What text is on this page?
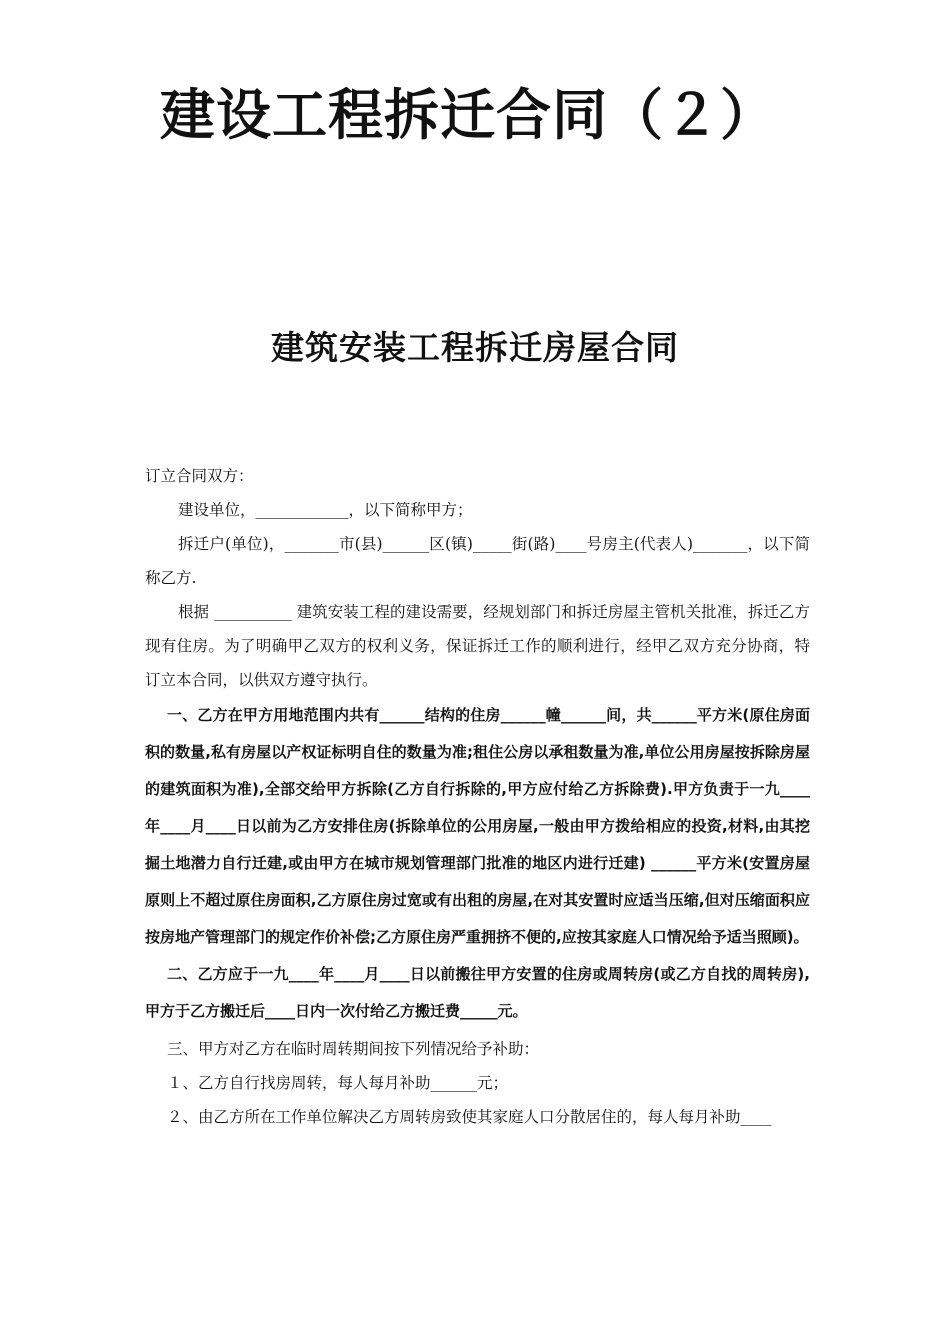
建设工程拆迁合同（２）
建筑安装工程拆迁房屋合同

订立合同双方：

建设单位，____________，以下简称甲方；

拆迁户(单位)，_______市(县)______区(镇)_____街(路)____号房主(代表人)_______，以下简称乙方.

根据 __________ 建筑安装工程的建设需要，经规划部门和拆迁房屋主管机关批准，拆迁乙方现有住房。为了明确甲乙双方的权利义务，保证拆迁工作的顺利进行，经甲乙双方充分协商，特订立本合同，以供双方遵守执行。

一、乙方在甲方用地范围内共有______结构的住房______幢______间，共______平方米(原住房面积的数量,私有房屋以产权证标明自住的数量为准;租住公房以承租数量为准,单位公用房屋按拆除房屋的建筑面积为准),全部交给甲方拆除(乙方自行拆除的,甲方应付给乙方拆除费).甲方负责于一九____年____月____日以前为乙方安排住房(拆除单位的公用房屋,一般由甲方拨给相应的投资,材料,由其挖掘土地潜力自行迁建,或由甲方在城市规划管理部门批准的地区内进行迁建) ______平方米(安置房屋原则上不超过原住房面积,乙方原住房过宽或有出租的房屋,在对其安置时应适当压缩,但对压缩面积应按房地产管理部门的规定作价补偿;乙方原住房严重拥挤不便的,应按其家庭人口情况给予适当照顾)。

二、乙方应于一九____年____月____日以前搬往甲方安置的住房或周转房(或乙方自找的周转房),甲方于乙方搬迁后____日内一次付给乙方搬迁费_____元。

三、甲方对乙方在临时周转期间按下列情况给予补助：

１、乙方自行找房周转，每人每月补助______元；

２、由乙方所在工作单位解决乙方周转房致使其家庭人口分散居住的，每人每月补助____
